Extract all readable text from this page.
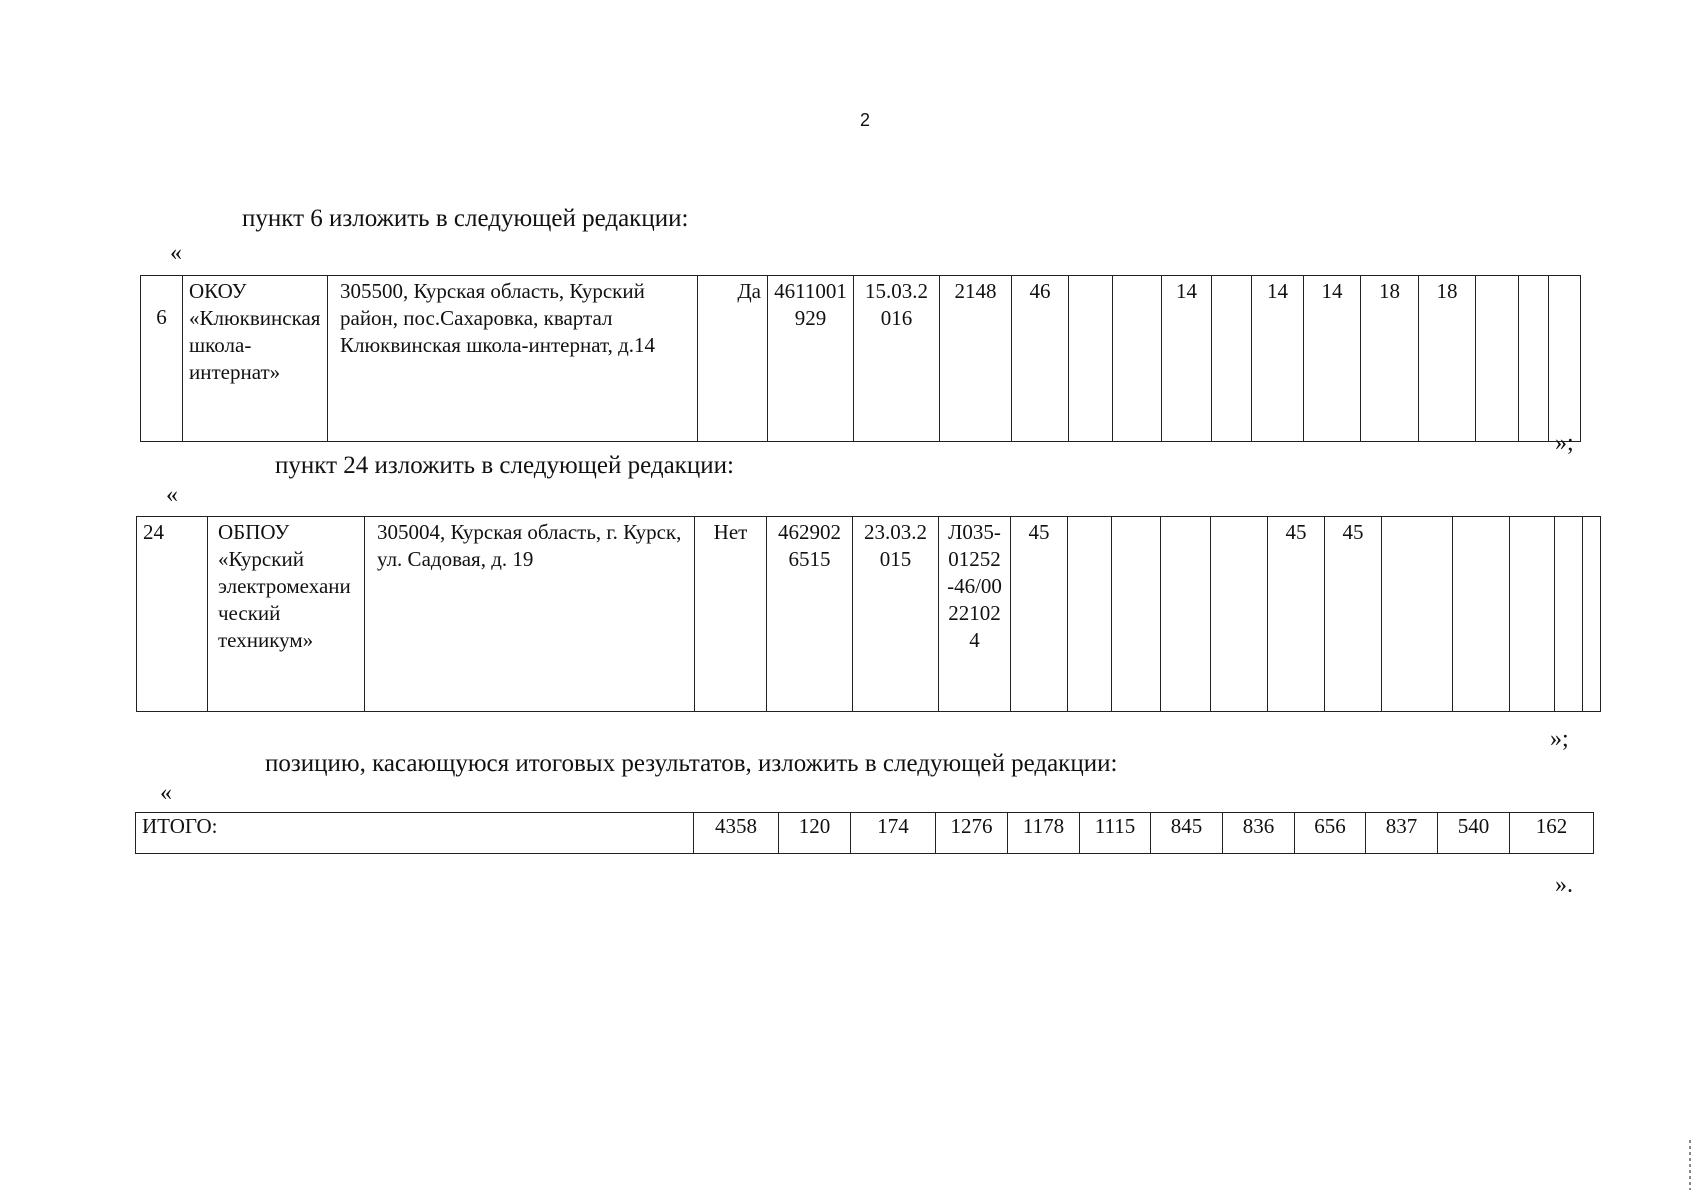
2
пункт 6 изложить в следующей редакции:
«
6	ОКОУ «Клюквинская школа-интернат»	305500, Курская область, Курский район, пос.Сахаровка, квартал Клюквинская школа-интернат, д.14	Да	4611001929	15.03.2016	2148	46			14		14	14	18	18			
»;
пункт 24 изложить в следующей редакции:
«
24	ОБПОУ «Курский электромеханический техникум»	305004, Курская область, г. Курск, ул. Садовая, д. 19	Нет	4629026515	23.03.2015	Л035-01252-46/00221024	45					45	45					
»;
позицию, касающуюся итоговых результатов, изложить в следующей редакции:
«
ИТОГО:	4358	120	174	1276	1178	1115	845	836	656	837	540	162
».
